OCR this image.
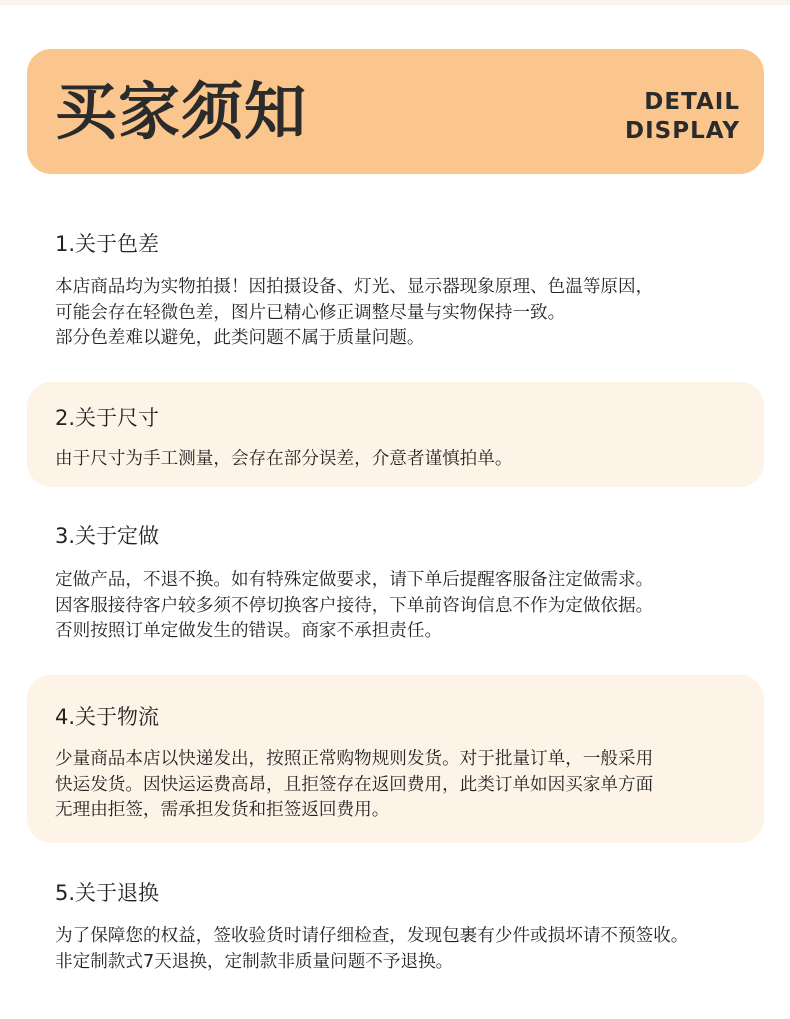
买家须知	DETAIL
DISPLAY
1.关于色差

本店商品均为实物拍摄！因拍摄设备、灯光、显示器现象原理、色温等原因，

可能会存在轻微色差，图片已精心修正调整尽量与实物保持一致。

部分色差难以避免，此类问题不属于质量问题。

2.关于尺寸

由于尺寸为手工测量，会存在部分误差，介意者谨慎拍单。

3.关于定做

定做产品，不退不换。如有特殊定做要求，请下单后提醒客服备注定做需求。

因客服接待客户较多须不停切换客户接待，下单前咨询信息不作为定做依据。

否则按照订单定做发生的错误。商家不承担责任。

4.关于物流

少量商品本店以快递发出，按照正常购物规则发货。对于批量订单，一般采用

快运发货。因快运运费高昂，且拒签存在返回费用，此类订单如因买家单方面

无理由拒签，需承担发货和拒签返回费用。

5.关于退换

为了保障您的权益，签收验货时请仔细检查，发现包裹有少件或损坏请不预签收。

非定制款式7天退换，定制款非质量问题不予退换。
